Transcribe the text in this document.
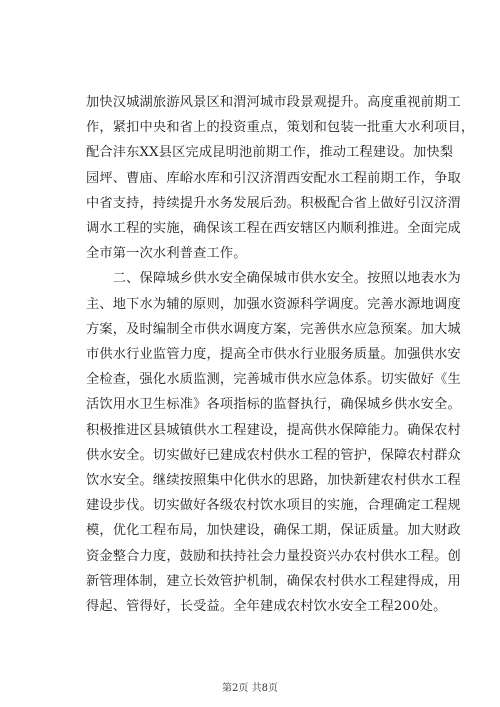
加快汉城湖旅游风景区和渭河城市段景观提升。高度重视前期工
作，紧扣中央和省上的投资重点，策划和包装一批重大水利项目，
配合沣东XX县区完成昆明池前期工作，推动工程建设。加快梨
园坪、曹庙、库峪水库和引汉济渭西安配水工程前期工作，争取
中省支持，持续提升水务发展后劲。积极配合省上做好引汉济渭
调水工程的实施，确保该工程在西安辖区内顺利推进。全面完成
全市第一次水利普查工作。

　　二、保障城乡供水安全确保城市供水安全。按照以地表水为
主、地下水为辅的原则，加强水资源科学调度。完善水源地调度
方案，及时编制全市供水调度方案，完善供水应急预案。加大城
市供水行业监管力度，提高全市供水行业服务质量。加强供水安
全检查，强化水质监测，完善城市供水应急体系。切实做好《生
活饮用水卫生标准》各项指标的监督执行，确保城乡供水安全。
积极推进区县城镇供水工程建设，提高供水保障能力。确保农村
供水安全。切实做好已建成农村供水工程的管护，保障农村群众
饮水安全。继续按照集中化供水的思路，加快新建农村供水工程
建设步伐。切实做好各级农村饮水项目的实施，合理确定工程规
模，优化工程布局，加快建设，确保工期，保证质量。加大财政
资金整合力度，鼓励和扶持社会力量投资兴办农村供水工程。创
新管理体制，建立长效管护机制，确保农村供水工程建得成，用
得起、管得好，长受益。全年建成农村饮水安全工程200处。

第2页 共8页
